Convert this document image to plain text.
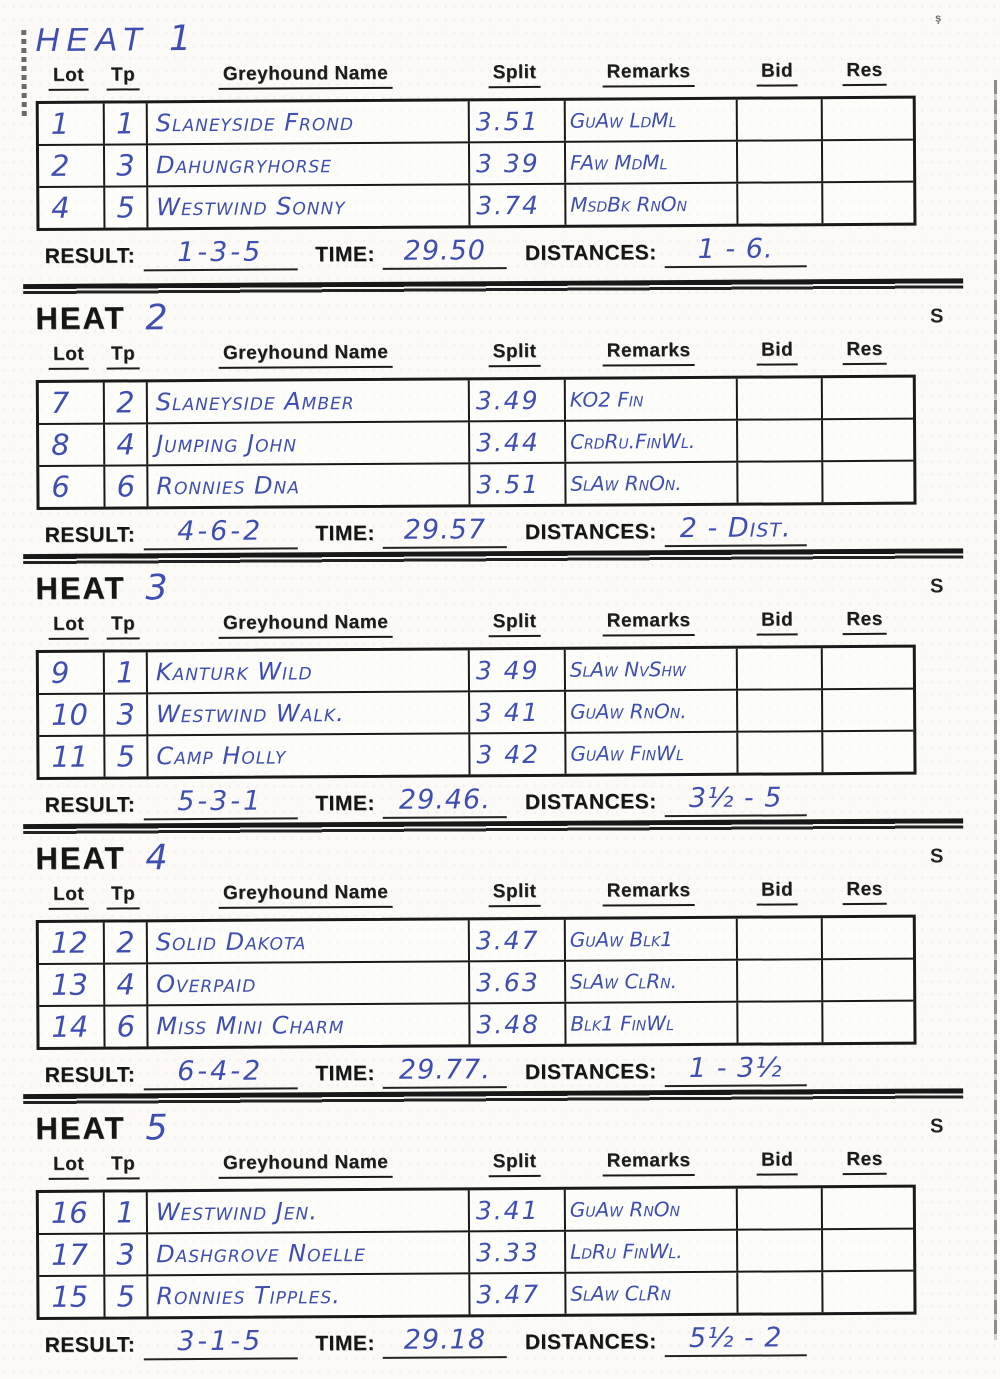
HEAT 1
ş
Lot	Tp	Greyhound Name	Split	Remarks	Bid	Res
1	1 Slaneyside Frond	3.51	GuAw LdMl
2	3 Dahungryhorse	3 39	FAw MdMl
4	5 Westwind Sonny	3.74	MsdBk RnOn
RESULT:	1-3-5	TIME:	29.50	DISTANCES:	1 - 6.
HEAT 2	S
Lot	Tp	Greyhound Name	Split	Remarks	Bid	Res
7	2 Slaneyside Amber	3.49	KO2 Fin
8	4 Jumping John	3.44	CrdRu.FinWl.
6	6 Ronnies Dna	3.51	SlAw RnOn.
RESULT:	4-6-2	TIME:	29.57	DISTANCES: 2 - Dist.
HEAT 3	S
Lot	Tp	Greyhound Name	Split	Remarks	Bid	Res
9	1 Kanturk Wild	3 49	SlAw NvShw
10 3 Westwind Walk.	3 41	GuAw RnOn.
11 5 Camp Holly	3 42	GuAw FinWl
RESULT:	5-3-1	TIME: 29.46.	DISTANCES:	3½ - 5
HEAT 4	S
Lot	Tp	Greyhound Name	Split	Remarks	Bid	Res
12 2 Solid Dakota	3.47	GuAw Blk1
13 4 Overpaid	3.63	SlAw ClRn.
14 6 Miss Mini Charm	3.48	Blk1 FinWl
RESULT:	6-4-2	TIME: 29.77.	DISTANCES:	1 - 3½
HEAT 5	S
Lot	Tp	Greyhound Name	Split	Remarks	Bid	Res
16 1 Westwind Jen.	3.41	GuAw RnOn
17 3 Dashgrove Noelle	3.33	LdRu FinWl.
15 5 Ronnies Tipples.	3.47	SlAw ClRn
RESULT:	3-1-5	TIME:	29.18	DISTANCES:	5½ - 2
